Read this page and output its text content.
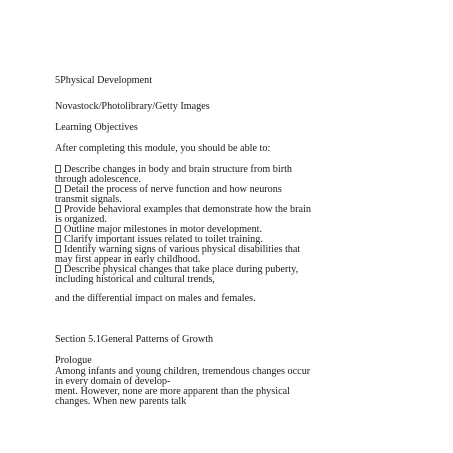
5Physical Development
Novastock/Photolibrary/Getty Images
Learning Objectives
After completing this module, you should be able to:
Describe changes in body and brain structure from birth
through adolescence.
Detail the process of nerve function and how neurons
transmit signals.
Provide behavioral examples that demonstrate how the brain
is organized.
Outline major milestones in motor development.
Clarify important issues related to toilet training.
Identify warning signs of various physical disabilities that
may first appear in early childhood.
Describe physical changes that take place during puberty,
including historical and cultural trends,
and the differential impact on males and females.
Section 5.1General Patterns of Growth
Prologue
Among infants and young children, tremendous changes occur
in every domain of develop-
ment. However, none are more apparent than the physical
changes. When new parents talk
